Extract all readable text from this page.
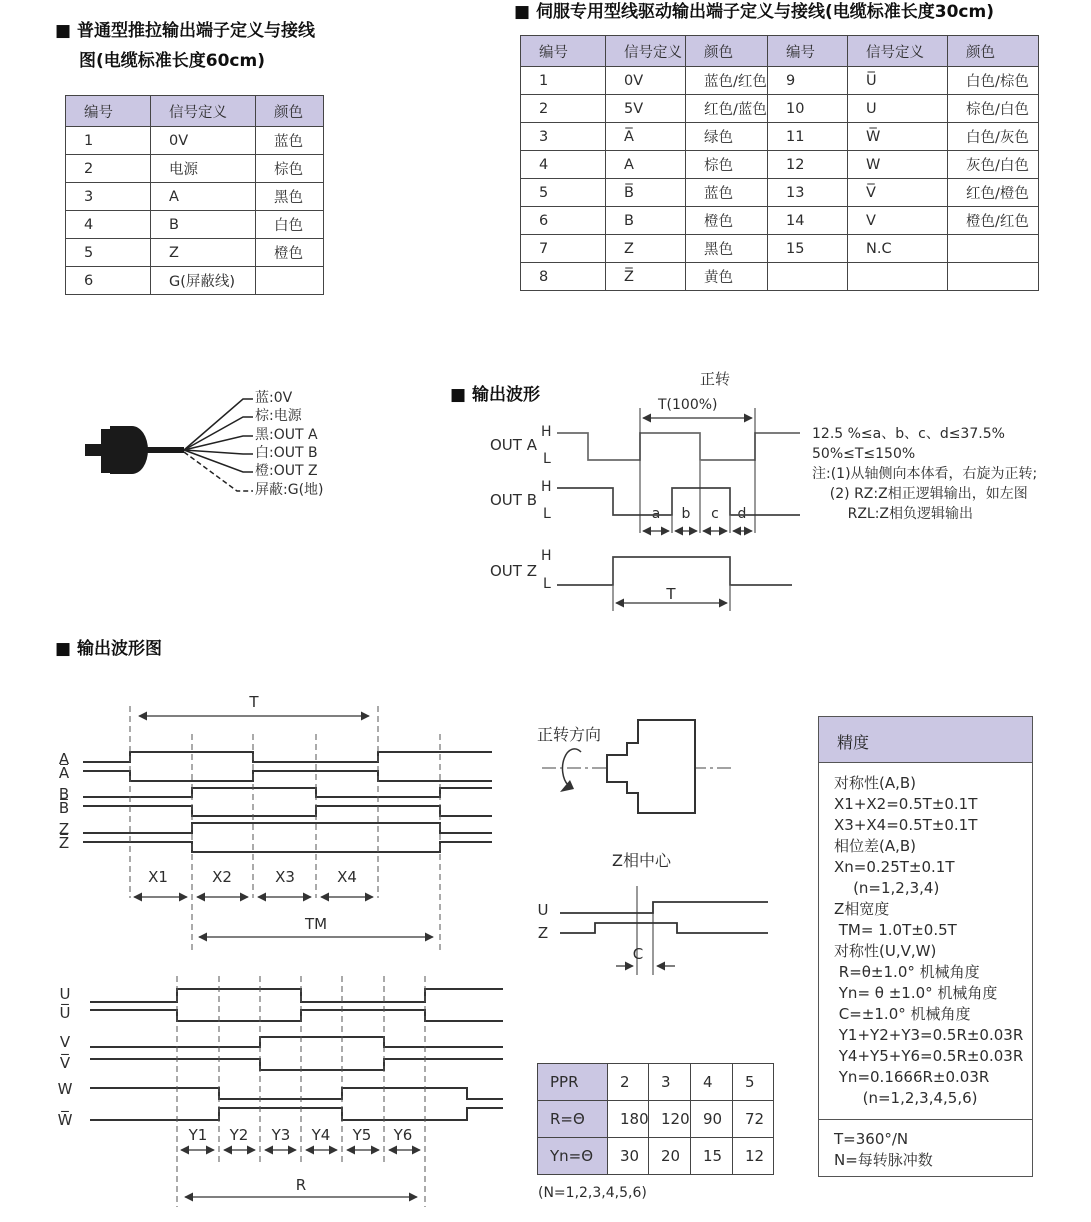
■ 普通型推拉输出端子定义与接线
图(电缆标准长度60cm)
■ 伺服专用型线驱动输出端子定义与接线(电缆标准长度30cm)
■ 输出波形
■ 输出波形图
编号	信号定义	颜色
1	0V	蓝色
2	电源	棕色
3	A	黑色
4	B	白色
5	Z	橙色
6	G(屏蔽线)	
编号	信号定义	颜色	编号	信号定义	颜色
1	0V	蓝色/红色	9	U̅	白色/棕色
2	5V	红色/蓝色	10	U	棕色/白色
3	A̅	绿色	11	W̅	白色/灰色
4	A	棕色	12	W	灰色/白色
5	B̅	蓝色	13	V̅	红色/橙色
6	B	橙色	14	V	橙色/红色
7	Z	黑色	15	N.C	
8	Z̅	黄色			
蓝:0V
棕:电源
黑:OUT A
白:OUT B
橙:OUT Z
屏蔽:G(地)
正转
T(100%)
OUT A
H
L
OUT B
H
L
OUT Z
H
L
a	b	c	d
T
12.5 %≤a、b、c、d≤37.5%
50%≤T≤150%
注:(1)从轴侧向本体看，右旋为正转;
(2) RZ:Z相正逻辑输出，如左图
RZL:Z相负逻辑输出
T
A
A̅
B
B̅
Z
Z̅
X1	X2	X3	X4
TM
U
U̅
V
V̅
W
W̅
Y1	Y2	Y3	Y4	Y5	Y6
R
正转方向
Z相中心
U
Z
C
PPR	2	3	4	5
R=Θ	180	120	90	72
Yn=Θ	30	20	15	12
(N=1,2,3,4,5,6)
精度
对称性(A,B)
X1+X2=0.5T±0.1T
X3+X4=0.5T±0.1T
相位差(A,B)
Xn=0.25T±0.1T
(n=1,2,3,4)
Z相宽度
TM= 1.0T±0.5T
对称性(U,V,W)
R=θ±1.0° 机械角度
Yn= θ ±1.0° 机械角度
C=±1.0° 机械角度
Y1+Y2+Y3=0.5R±0.03R
Y4+Y5+Y6=0.5R±0.03R
Yn=0.1666R±0.03R
(n=1,2,3,4,5,6)
T=360°/N
N=每转脉冲数
